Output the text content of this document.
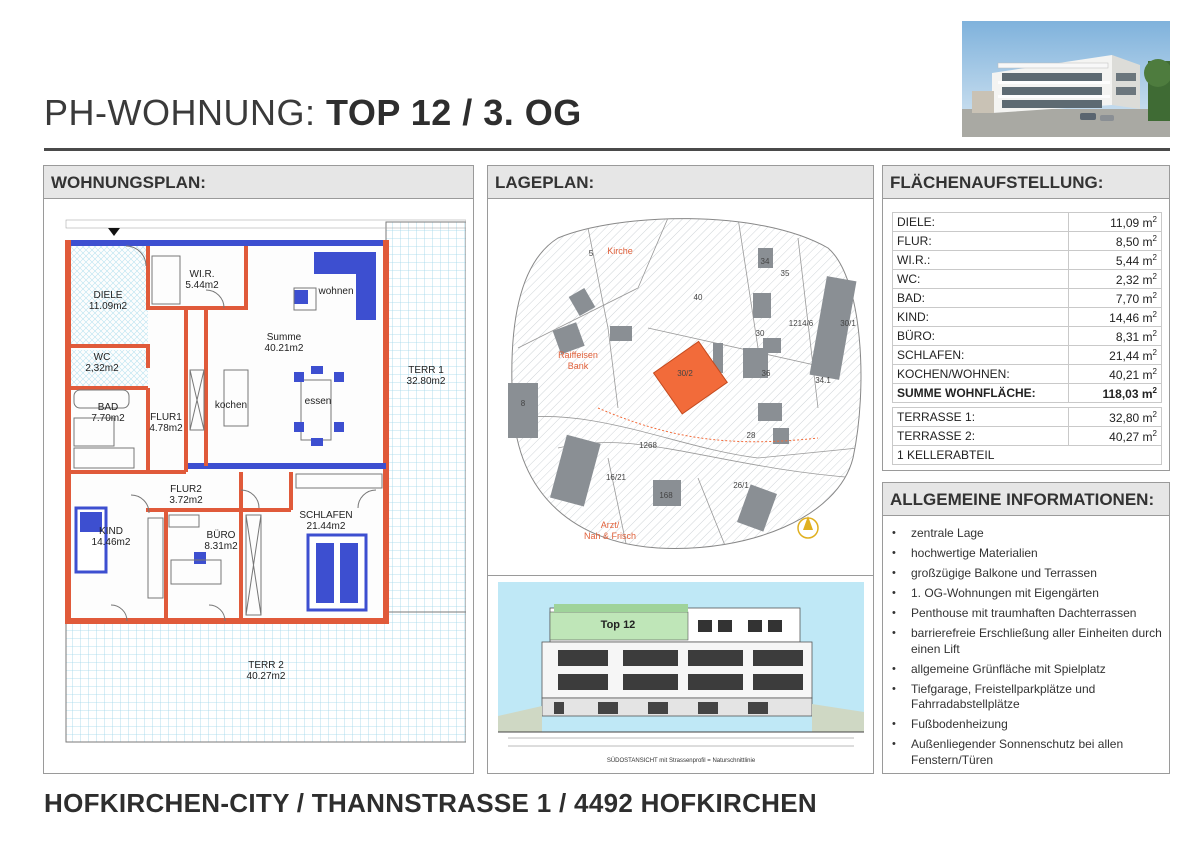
PH-WOHNUNG: TOP 12 / 3. OG
WOHNUNGSPLAN:
DIELE
11.09m2
WI.R.
5.44m2
wohnen
Summe
40.21m2
WC
2,32m2
BAD
7.70m2	FLUR1
4.78m2
kochen	essen
TERR 1
32.80m2
FLUR2
3.72m2
SCHLAFEN
21.44m2
KIND
14.46m2
BÜRO
8.31m2
TERR 2
40.27m2
LAGEPLAN:
40
34
35
1214/6	30/1
36
30/2
28
34.1
1268
16/21
168
26/1
5
8
30
Kirche
Raiffeisen
Bank
Arzt/
Nah & Frisch
Top 12
SÜDOSTANSICHT mit Strassenprofil = Naturschnittlinie
FLÄCHENAUFSTELLUNG:
DIELE:	11,09 $m^2$
FLUR:	8,50 $m^2$
WI.R.:	5,44 $m^2$
WC:	2,32 $m^2$
BAD:	7,70 $m^2$
KIND:	14,46 $m^2$
BÜRO:	8,31 $m^2$
SCHLAFEN:	21,44 $m^2$
KOCHEN/WOHNEN:	40,21 $m^2$
SUMME WOHNFLÄCHE:	118,03 $m^2$
TERRASSE 1:	32,80 $m^2$
TERRASSE 2:	40,27 $m^2$
1 KELLERABTEIL	
ALLGEMEINE INFORMATIONEN:
• zentrale Lage
• hochwertige Materialien
• großzügige Balkone und Terrassen
• 1. OG-Wohnungen mit Eigengärten
• Penthouse mit traumhaften Dachterrassen
• barrierefreie Erschließung aller Einheiten durch einen Lift
• allgemeine Grünfläche mit Spielplatz
• Tiefgarage, Freistellparkplätze und Fahrradabstellplätze
• Fußbodenheizung
• Außenliegender Sonnenschutz bei allen Fenstern/Türen
HOFKIRCHEN-CITY / THANNSTRASSE 1 / 4492 HOFKIRCHEN
